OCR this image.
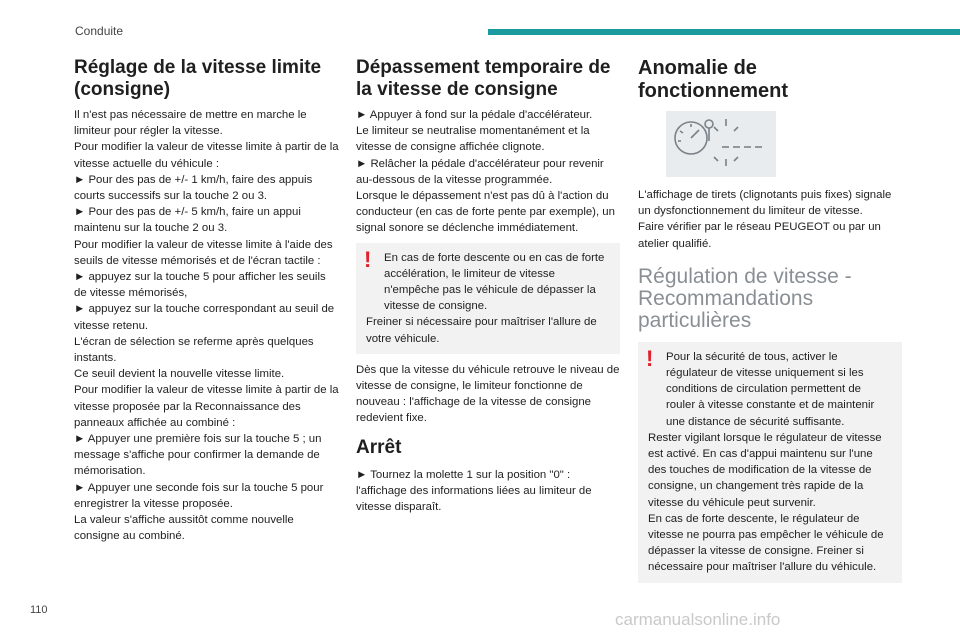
Conduite
Réglage de la vitesse limite (consigne)

Il n'est pas nécessaire de mettre en marche le limiteur pour régler la vitesse.

Pour modifier la valeur de vitesse limite à partir de la vitesse actuelle du véhicule :

► Pour des pas de +/- 1 km/h, faire des appuis courts successifs sur la touche 2 ou 3.

► Pour des pas de +/- 5 km/h, faire un appui maintenu sur la touche 2 ou 3.

Pour modifier la valeur de vitesse limite à l'aide des seuils de vitesse mémorisés et de l'écran tactile :

► appuyez sur la touche 5 pour afficher les seuils de vitesse mémorisés,

► appuyez sur la touche correspondant au seuil de vitesse retenu.

L'écran de sélection se referme après quelques instants.

Ce seuil devient la nouvelle vitesse limite.

Pour modifier la valeur de vitesse limite à partir de la vitesse proposée par la Reconnaissance des panneaux affichée au combiné :

► Appuyer une première fois sur la touche 5 ; un message s'affiche pour confirmer la demande de mémorisation.

► Appuyer une seconde fois sur la touche 5 pour enregistrer la vitesse proposée.

La valeur s'affiche aussitôt comme nouvelle consigne au combiné.

Dépassement temporaire de la vitesse de consigne

► Appuyer à fond sur la pédale d'accélérateur.

Le limiteur se neutralise momentanément et la vitesse de consigne affichée clignote.

► Relâcher la pédale d'accélérateur pour revenir au-dessous de la vitesse programmée.

Lorsque le dépassement n'est pas dû à l'action du conducteur (en cas de forte pente par exemple), un signal sonore se déclenche immédiatement.

!	En cas de forte descente ou en cas de forte accélération, le limiteur de vitesse n'empêche pas le véhicule de dépasser la vitesse de consigne.

Freiner si nécessaire pour maîtriser l'allure de votre véhicule.

Dès que la vitesse du véhicule retrouve le niveau de vitesse de consigne, le limiteur fonctionne de nouveau : l'affichage de la vitesse de consigne redevient fixe.

Arrêt

► Tournez la molette 1 sur la position "0" : l'affichage des informations liées au limiteur de vitesse disparaît.

Anomalie de fonctionnement

L'affichage de tirets (clignotants puis fixes) signale un dysfonctionnement du limiteur de vitesse.

Faire vérifier par le réseau PEUGEOT ou par un atelier qualifié.

Régulation de vitesse - Recommandations particulières
!	Pour la sécurité de tous, activer le régulateur de vitesse uniquement si les conditions de circulation permettent de rouler à vitesse constante et de maintenir une distance de sécurité suffisante.

Rester vigilant lorsque le régulateur de vitesse est activé. En cas d'appui maintenu sur l'une des touches de modification de la vitesse de consigne, un changement très rapide de la vitesse du véhicule peut survenir.

En cas de forte descente, le régulateur de vitesse ne pourra pas empêcher le véhicule de dépasser la vitesse de consigne. Freiner si nécessaire pour maîtriser l'allure du véhicule.

110	carmanualsonline.info
